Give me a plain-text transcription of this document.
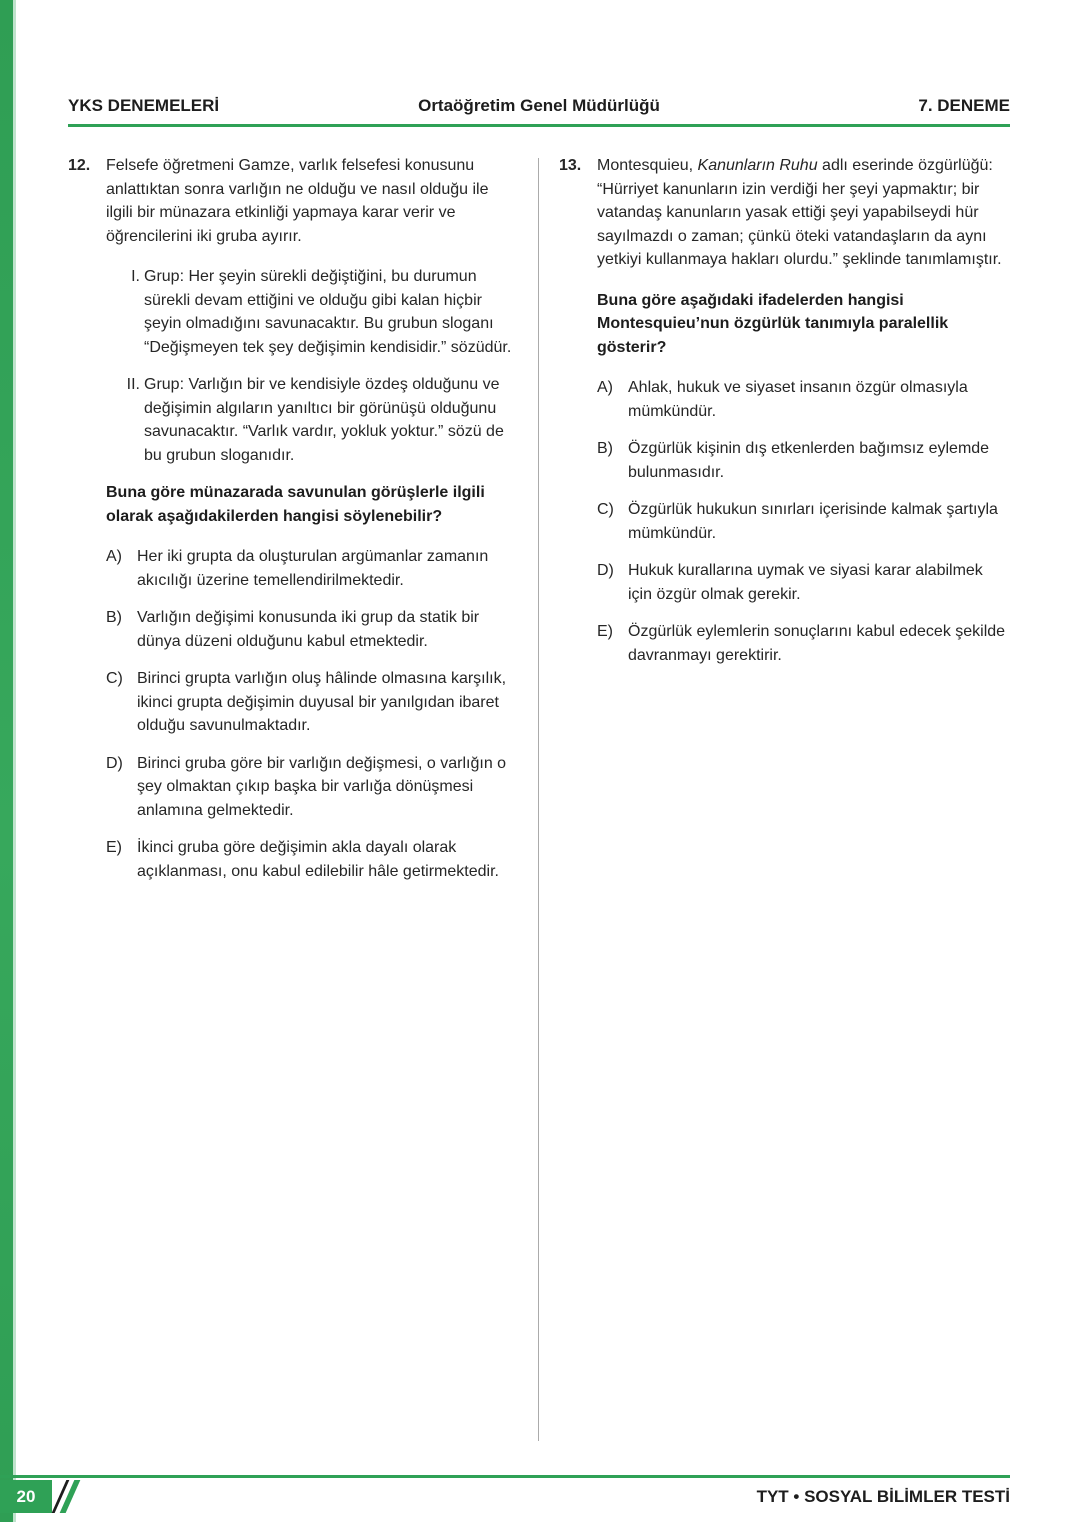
YKS DENEMELERİ	Ortaöğretim Genel Müdürlüğü	7. DENEME
12. Felsefe öğretmeni Gamze, varlık felsefesi konusunu anlattıktan sonra varlığın ne olduğu ve nasıl olduğu ile ilgili bir münazara etkinliği yapmaya karar verir ve öğrencilerini iki gruba ayırır.

I. Grup: Her şeyin sürekli değiştiğini, bu durumun sürekli devam ettiğini ve olduğu gibi kalan hiçbir şeyin olmadığını savunacaktır. Bu grubun sloganı “Değişmeyen tek şey değişimin kendisidir.” sözüdür.

II. Grup: Varlığın bir ve kendisiyle özdeş olduğunu ve değişimin algıların yanıltıcı bir görünüşü olduğunu savunacaktır. “Varlık vardır, yokluk yoktur.” sözü de bu grubun sloganıdır.

Buna göre münazarada savunulan görüşlerle ilgili olarak aşağıdakilerden hangisi söylenebilir?

A) Her iki grupta da oluşturulan argümanlar zamanın akıcılığı üzerine temellendirilmektedir.

B) Varlığın değişimi konusunda iki grup da statik bir dünya düzeni olduğunu kabul etmektedir.

C) Birinci grupta varlığın oluş hâlinde olmasına karşılık, ikinci grupta değişimin duyusal bir yanılgıdan ibaret olduğu savunulmaktadır.

D) Birinci gruba göre bir varlığın değişmesi, o varlığın o şey olmaktan çıkıp başka bir varlığa dönüşmesi anlamına gelmektedir.

E) İkinci gruba göre değişimin akla dayalı olarak açıklanması, onu kabul edilebilir hâle getirmektedir.

13. Montesquieu, Kanunların Ruhu adlı eserinde özgürlüğü: “Hürriyet kanunların izin verdiği her şeyi yapmaktır; bir vatandaş kanunların yasak ettiği şeyi yapabilseydi hür sayılmazdı o zaman; çünkü öteki vatandaşların da aynı yetkiyi kullanmaya hakları olurdu.” şeklinde tanımlamıştır.

Buna göre aşağıdaki ifadelerden hangisi Montesquieu’nun özgürlük tanımıyla paralellik gösterir?

A) Ahlak, hukuk ve siyaset insanın özgür olmasıyla mümkündür.

B) Özgürlük kişinin dış etkenlerden bağımsız eylemde bulunmasıdır.

C) Özgürlük hukukun sınırları içerisinde kalmak şartıyla mümkündür.

D) Hukuk kurallarına uymak ve siyasi karar alabilmek için özgür olmak gerekir.

E) Özgürlük eylemlerin sonuçlarını kabul edecek şekilde davranmayı gerektirir.

20	TYT • SOSYAL BİLİMLER TESTİ
